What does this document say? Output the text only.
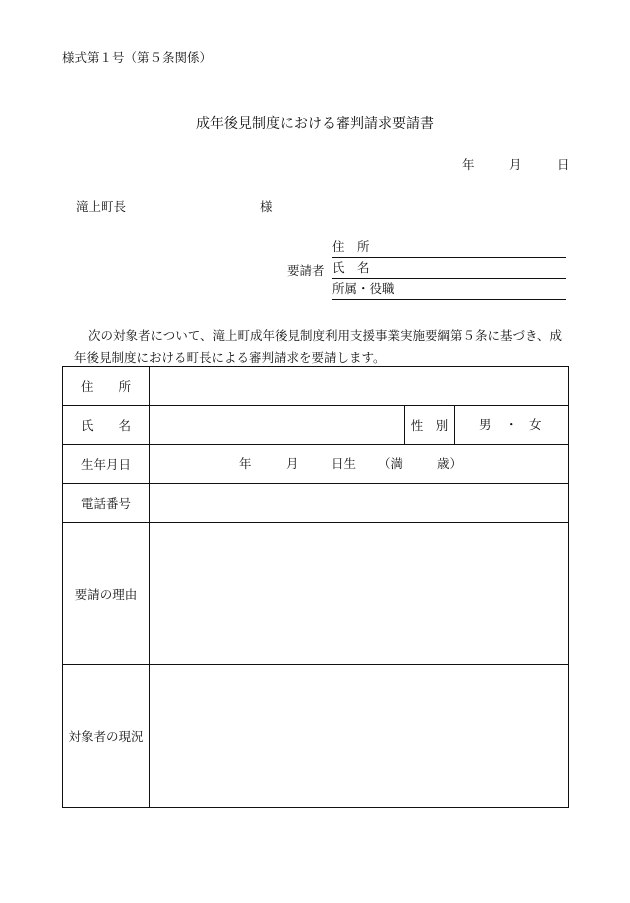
様式第１号（第５条関係）
成年後見制度における審判請求要請書
年	月	日
滝上町長	様
要請者
住　所
氏　名
所属・役職
次の対象者について、滝上町成年後見制度利用支援事業実施要綱第５条に基づき、成年後見制度における町長による審判請求を要請します。
住　　所			
氏　　名		性　別	男 ・ 女

生年月日	年 月 日生 （満 歳）		

電話番号			
要請の理由			
対象者の現況			
